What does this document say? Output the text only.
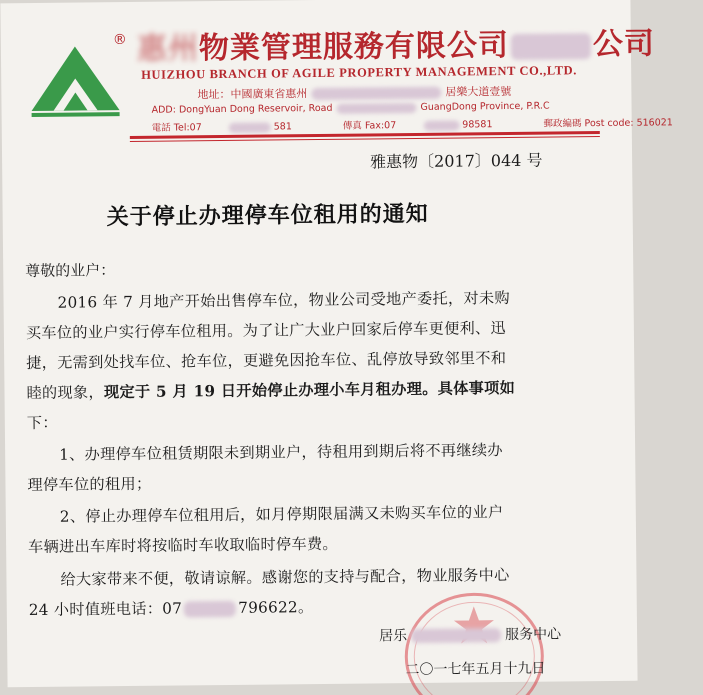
® 惠州物業管理服務有限公司	公司
HUIZHOU BRANCH OF AGILE PROPERTY MANAGEMENT CO.,LTD.
地址：中國廣東省惠州	居樂大道壹號
ADD: DongYuan Dong Reservoir, Road	GuangDong Province, P.R.C
電話 Tel:07	581	傳真 Fax:07	98581	郵政編碼 Post code: 516021
雅惠物〔2017〕044 号
关于停止办理停车位租用的通知
尊敬的业户：
2016 年 7 月地产开始出售停车位，物业公司受地产委托，对未购
买车位的业户实行停车位租用。为了让广大业户回家后停车更便利、迅
捷，无需到处找车位、抢车位，更避免因抢车位、乱停放导致邻里不和
睦的现象，现定于 5 月 19 日开始停止办理小车月租办理。具体事项如
下：
1、办理停车位租赁期限未到期业户，待租用到期后将不再继续办
理停车位的租用；
2、停止办理停车位租用后，如月停期限届满又未购买车位的业户
车辆进出车库时将按临时车收取临时停车费。
给大家带来不便，敬请谅解。感谢您的支持与配合，物业服务中心
24 小时值班电话：07	796622。
居乐	服务中心
二〇一七年五月十九日
